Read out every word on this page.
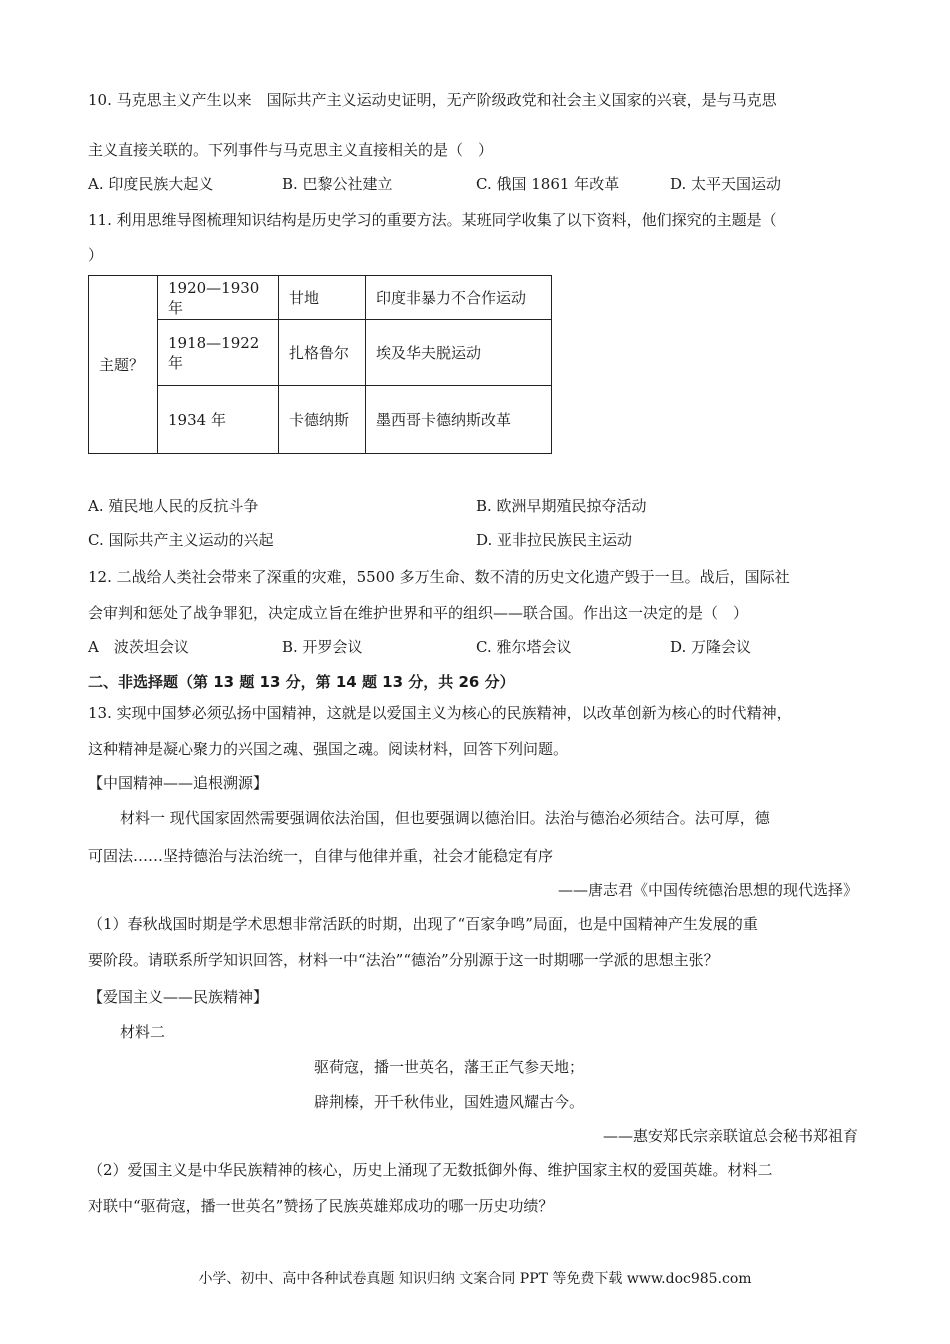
10. 马克思主义产生以来　国际共产主义运动史证明，无产阶级政党和社会主义国家的兴衰，是与马克思
主义直接关联的。下列事件与马克思主义直接相关的是（　）
A. 印度民族大起义	B. 巴黎公社建立	C. 俄国 1861 年改革	D. 太平天国运动
11. 利用思维导图梳理知识结构是历史学习的重要方法。某班同学收集了以下资料，他们探究的主题是（
）
主题？	1920—1930 年	甘地	印度非暴力不合作运动
	1918—1922 年	扎格鲁尔	埃及华夫脱运动
	1934 年	卡德纳斯	墨西哥卡德纳斯改革
A. 殖民地人民的反抗斗争	B. 欧洲早期殖民掠夺活动
C. 国际共产主义运动的兴起	D. 亚非拉民族民主运动
12. 二战给人类社会带来了深重的灾难，5500 多万生命、数不清的历史文化遗产毁于一旦。战后，国际社
会审判和惩处了战争罪犯，决定成立旨在维护世界和平的组织——联合国。作出这一决定的是（　）
A　波茨坦会议	B. 开罗会议	C. 雅尔塔会议	D. 万隆会议
二、非选择题（第 13 题 13 分，第 14 题 13 分，共 26 分）
13. 实现中国梦必须弘扬中国精神，这就是以爱国主义为核心的民族精神，以改革创新为核心的时代精神，
这种精神是凝心聚力的兴国之魂、强国之魂。阅读材料，回答下列问题。
【中国精神——追根溯源】
材料一 现代国家固然需要强调依法治国，但也要强调以德治旧。法治与德治必须结合。法可厚，德
可固法……坚持德治与法治统一，自律与他律并重，社会才能稳定有序
——唐志君《中国传统德治思想的现代选择》
（1）春秋战国时期是学术思想非常活跃的时期，出现了“百家争鸣”局面，也是中国精神产生发展的重
要阶段。请联系所学知识回答，材料一中“法治”“德治”分别源于这一时期哪一学派的思想主张？
【爱国主义——民族精神】
材料二
驱荷寇，播一世英名，藩王正气参天地；
辟荆榛，开千秋伟业，国姓遗风耀古今。
——惠安郑氏宗亲联谊总会秘书郑祖育
（2）爱国主义是中华民族精神的核心，历史上涌现了无数抵御外侮、维护国家主权的爱国英雄。材料二
对联中“驱荷寇，播一世英名”赞扬了民族英雄郑成功的哪一历史功绩？
小学、初中、高中各种试卷真题 知识归纳 文案合同 PPT 等免费下载 www.doc985.com
